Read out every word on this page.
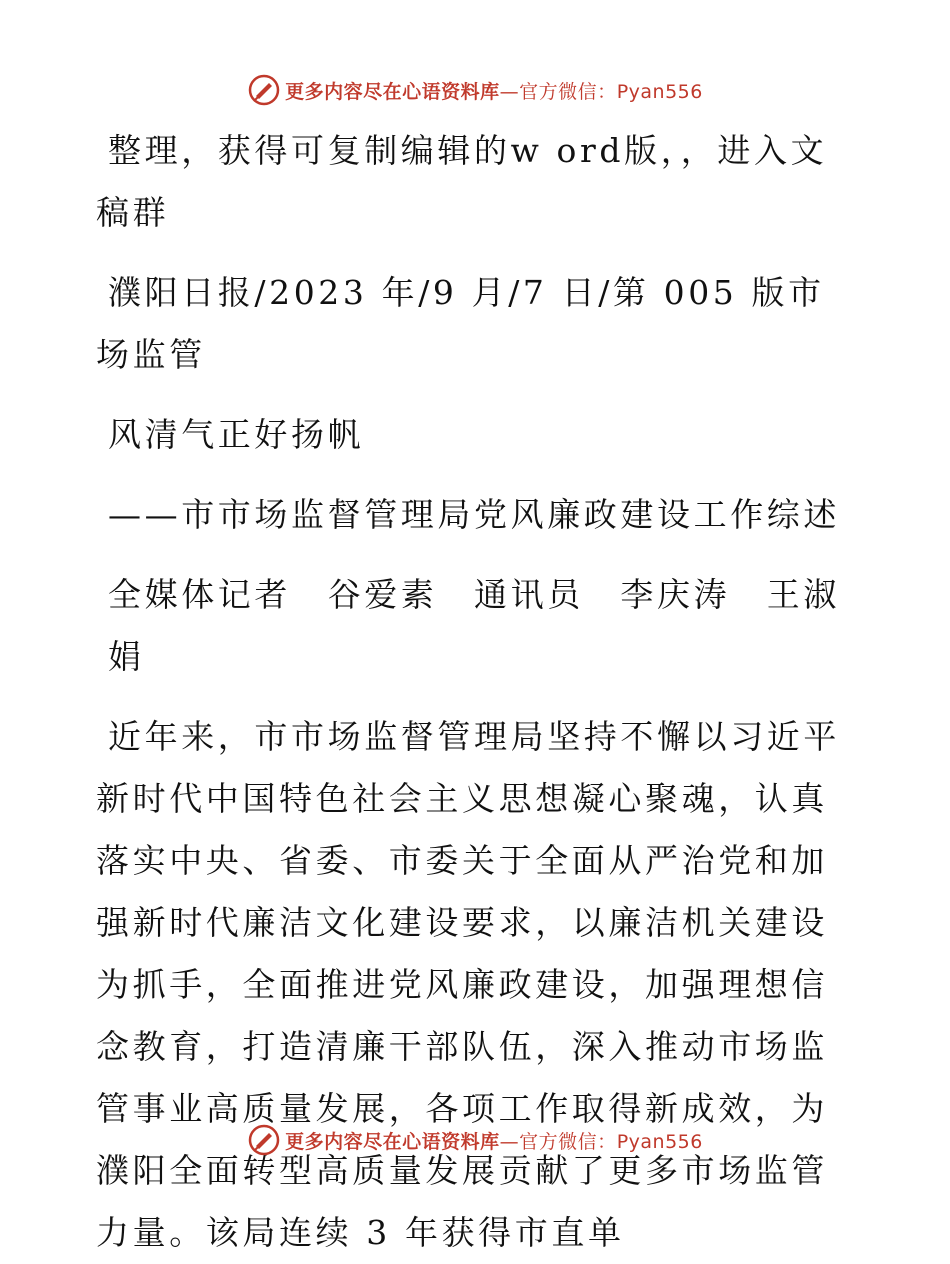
更多内容尽在心语资料库—官方微信：Pyan556

整理，获得可复制编辑的w ord版，，进入文稿群

濮阳日报/2023 年/9 月/7 日/第 005 版市场监管

风清气正好扬帆

——市市场监督管理局党风廉政建设工作综述

全媒体记者　谷爱素　通讯员　李庆涛　王淑娟

近年来，市市场监督管理局坚持不懈以习近平新时代中国特色社会主义思想凝心聚魂，认真落实中央、省委、市委关于全面从严治党和加强新时代廉洁文化建设要求，以廉洁机关建设为抓手，全面推进党风廉政建设，加强理想信念教育，打造清廉干部队伍，深入推动市场监管事业高质量发展，各项工作取得新成效，为濮阳全面转型高质量发展贡献了更多市场监管力量。该局连续 3 年获得市直单

更多内容尽在心语资料库—官方微信：Pyan556
